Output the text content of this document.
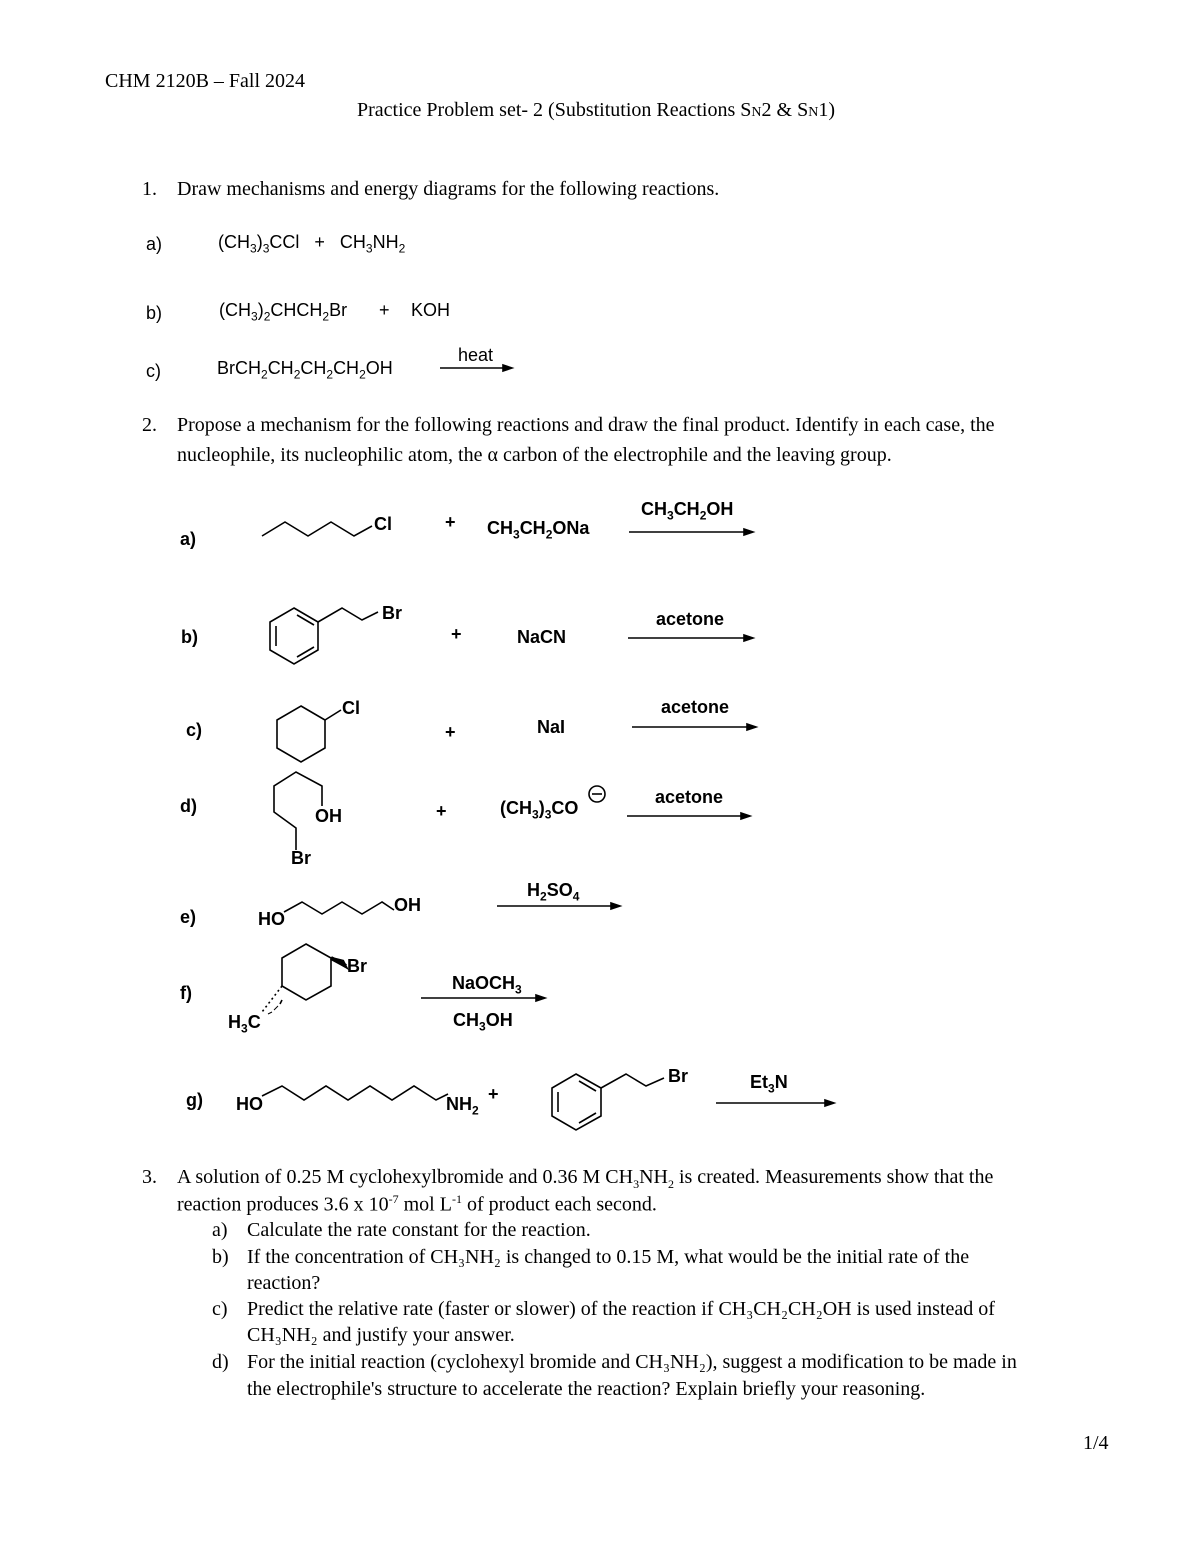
CHM 2120B – Fall 2024
Practice Problem set- 2 (Substitution Reactions SN2 & SN1)
1. Draw mechanisms and energy diagrams for the following reactions.
a)	$(CH_3)_3CCl + CH_3NH_2$
b)	$(CH_3)_2CHCH_2Br$ + KOH
c)	$BrCH_2CH_2CH_2CH_2OH$
heat
2. Propose a mechanism for the following reactions and draw the final product. Identify in each case, the
nucleophile, its nucleophilic atom, the α carbon of the electrophile and the leaving group.
a)
b)
c)
d)
e)
f)
g)
Cl	+ $CH_3CH_2ONa$
$CH_3CH_2OH$
Br
+	NaCN
acetone
Cl
+	NaI
acetone
OH
Br
+	$(CH_3)_3CO$
acetone
HO
OH
$H_2SO_4$
Br
$H_3C$
NaOCH$_3$
$CH_3OH$
HO	$NH_2$
+
Br	$Et_3N$
3. A solution of 0.25 M cyclohexylbromide and 0.36 M $CH_3NH_2$ is created. Measurements show that the
reaction produces 3.6 x $10^{-7}$ mol $L^{-1}$ of product each second.
a) Calculate the rate constant for the reaction.
b) If the concentration of CH₃NH₂ is changed to 0.15 M, what would be the initial rate of the
reaction?
c) Predict the relative rate (faster or slower) of the reaction if CH₃CH₂CH₂OH is used instead of
CH₃NH₂ and justify your answer.
d) For the initial reaction (cyclohexyl bromide and CH₃NH₂), suggest a modification to be made in
the electrophile's structure to accelerate the reaction? Explain briefly your reasoning.
1/4
